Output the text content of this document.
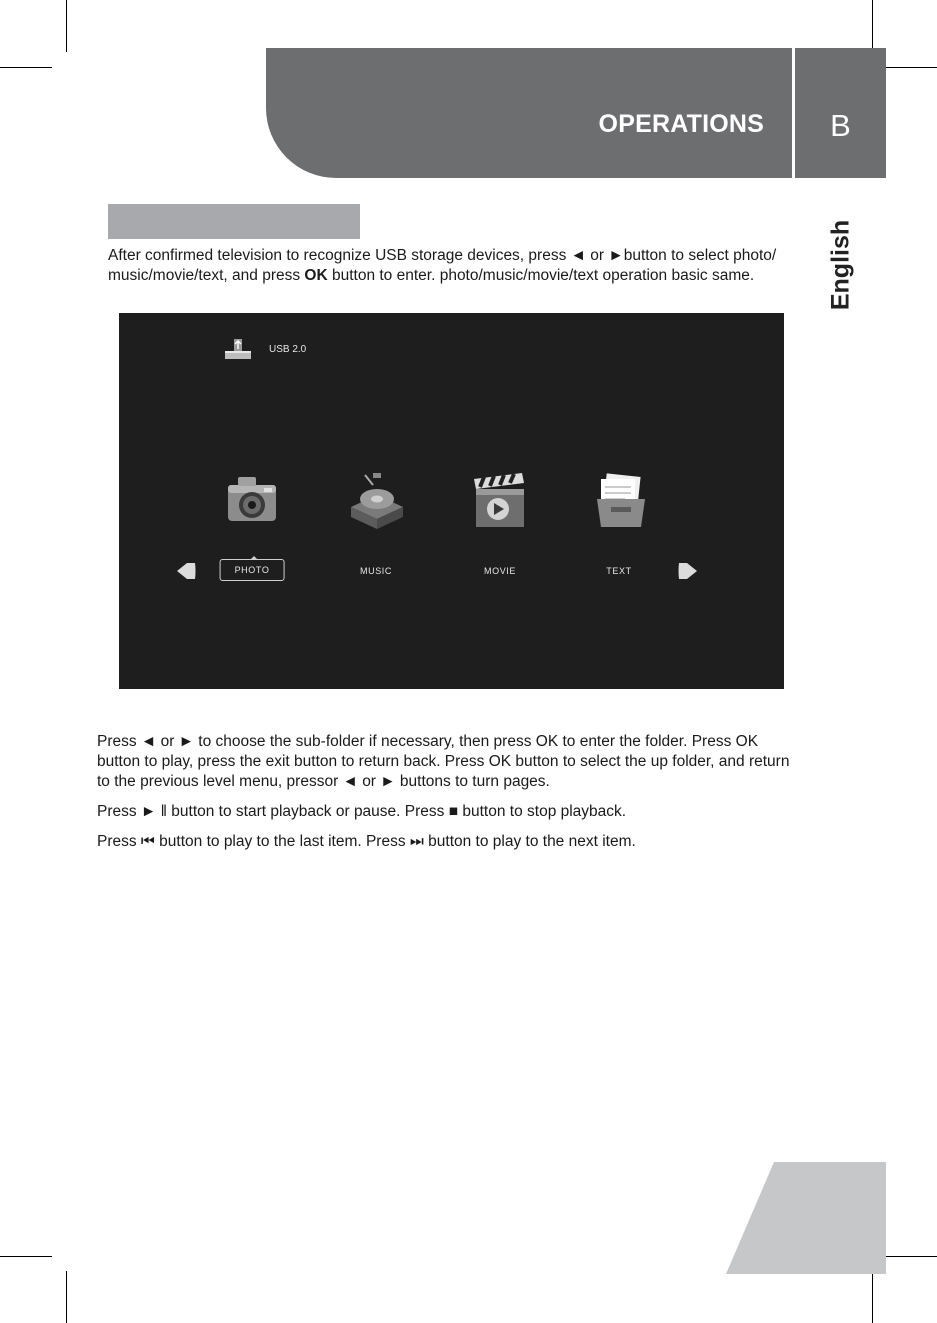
OPERATIONS	B
English
After confirmed television to recognize USB storage devices, press ◄ or ►button to select photo/ music/movie/text, and press OK button to enter. photo/music/movie/text operation basic same.
USB 2.0
PHOTO	MUSIC	MOVIE	TEXT
Press ◄ or ► to choose the sub-folder if necessary, then press OK to enter the folder. Press OK button to play, press the exit button to return back. Press OK button to select the up folder, and return to the previous level menu, pressor ◄ or ► buttons to turn pages.
Press ► ǁ button to start playback or pause. Press ■ button to stop playback.
Press ⏮ button to play to the last item. Press ⏭ button to play to the next item.
